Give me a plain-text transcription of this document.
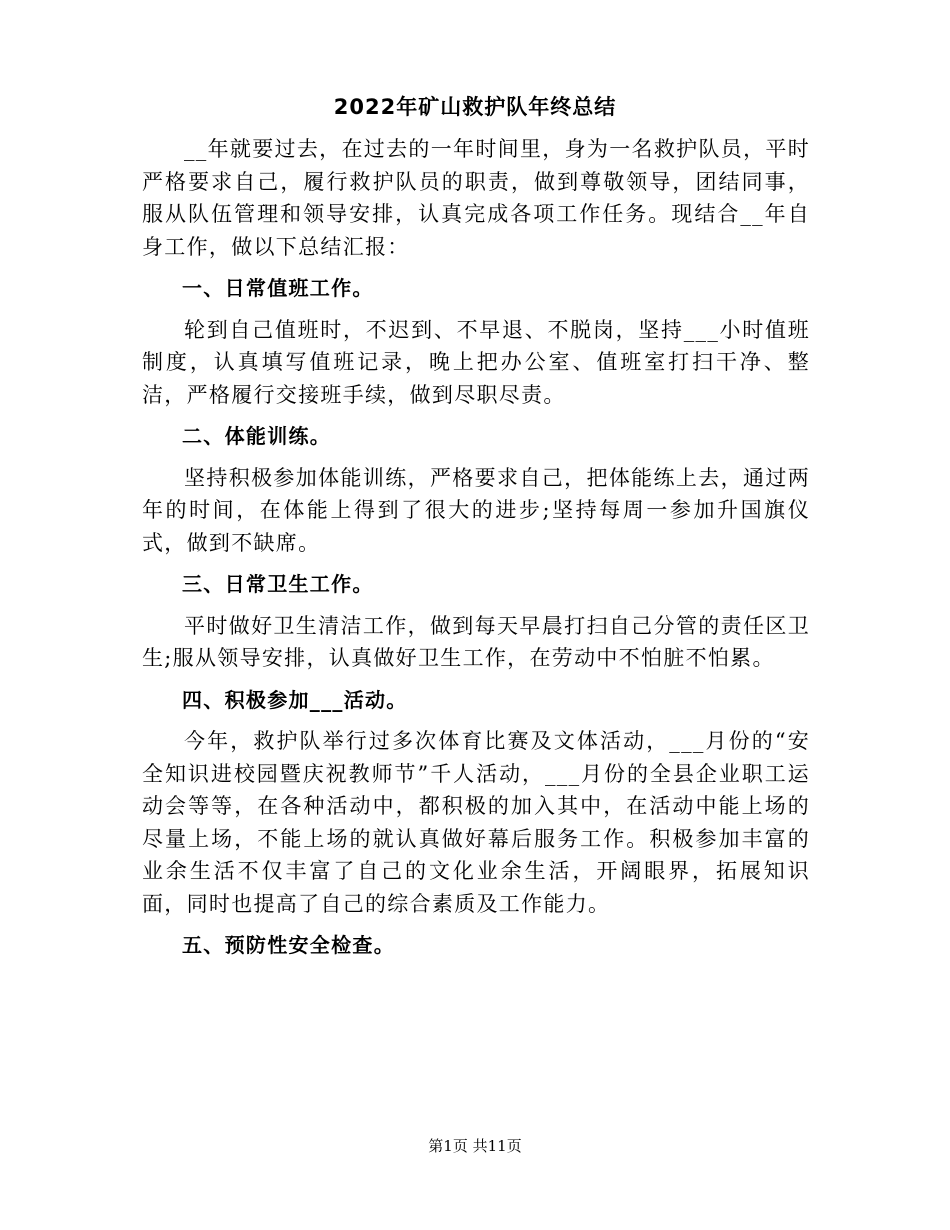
2022年矿山救护队年终总结

__年就要过去，在过去的一年时间里，身为一名救护队员，平时严格要求自己，履行救护队员的职责，做到尊敬领导，团结同事，服从队伍管理和领导安排，认真完成各项工作任务。现结合__年自身工作，做以下总结汇报：

一、日常值班工作。

轮到自己值班时，不迟到、不早退、不脱岗，坚持___小时值班制度，认真填写值班记录，晚上把办公室、值班室打扫干净、整洁，严格履行交接班手续，做到尽职尽责。

二、体能训练。

坚持积极参加体能训练，严格要求自己，把体能练上去，通过两年的时间，在体能上得到了很大的进步;坚持每周一参加升国旗仪式，做到不缺席。

三、日常卫生工作。

平时做好卫生清洁工作，做到每天早晨打扫自己分管的责任区卫生;服从领导安排，认真做好卫生工作，在劳动中不怕脏不怕累。

四、积极参加___活动。

今年，救护队举行过多次体育比赛及文体活动，___月份的“安全知识进校园暨庆祝教师节”千人活动，___月份的全县企业职工运动会等等，在各种活动中，都积极的加入其中，在活动中能上场的尽量上场，不能上场的就认真做好幕后服务工作。积极参加丰富的业余生活不仅丰富了自己的文化业余生活，开阔眼界，拓展知识面，同时也提高了自己的综合素质及工作能力。

五、预防性安全检查。

第1页 共11页
